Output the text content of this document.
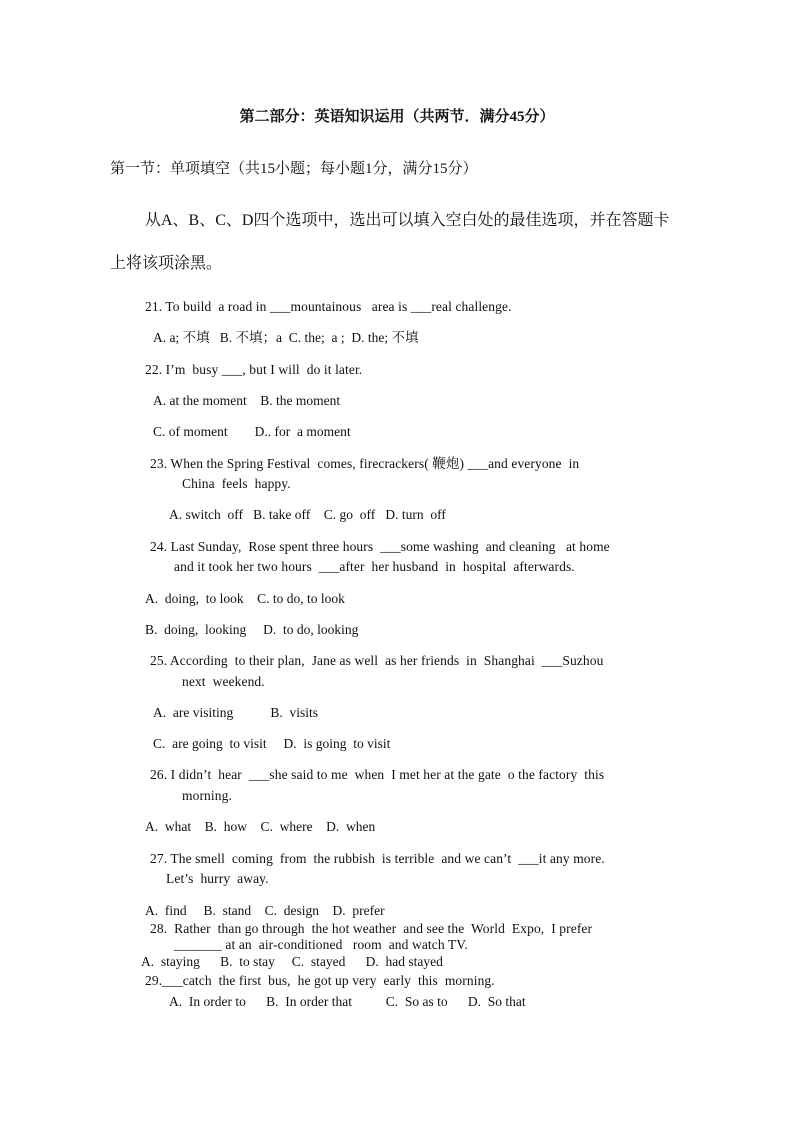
第二部分：英语知识运用（共两节．满分45分）
第一节：单项填空（共15小题；每小题1分，满分15分）
从A、B、C、D四个选项中，选出可以填入空白处的最佳选项，并在答题卡
上将该项涂黑。
21. To build  a road in ___mountainous   area is ___real challenge.
A. a; 不填   B. 不填；a  C. the;  a ;  D. the; 不填
22. I’m  busy ___, but I will  do it later.
A. at the moment    B. the moment
C. of moment        D.. for  a moment
23. When the Spring Festival  comes, firecrackers( 鞭炮) ___and everyone  in
China  feels  happy.
A. switch  off   B. take off    C. go  off   D. turn  off
24. Last Sunday,  Rose spent three hours  ___some washing  and cleaning   at home
and it took her two hours  ___after  her husband  in  hospital  afterwards.
A.  doing,  to look    C. to do, to look
B.  doing,  looking     D.  to do, looking
25. According  to their plan,  Jane as well  as her friends  in  Shanghai  ___Suzhou
next  weekend.
A.  are visiting           B.  visits
C.  are going  to visit     D.  is going  to visit
26. I didn’t  hear  ___she said to me  when  I met her at the gate  o the factory  this
morning.
A.  what    B.  how    C.  where    D.  when
27. The smell  coming  from  the rubbish  is terrible  and we can’t  ___it any more.
Let’s  hurry  away.
A.  find     B.  stand    C.  design    D.  prefer
28.  Rather  than go through  the hot weather  and see the  World  Expo,  I prefer
_______ at an  air-conditioned   room  and watch TV.
A.  staying      B.  to stay     C.  stayed      D.  had stayed
29.___catch  the first  bus,  he got up very  early  this  morning.
A.  In order to      B.  In order that          C.  So as to      D.  So that
